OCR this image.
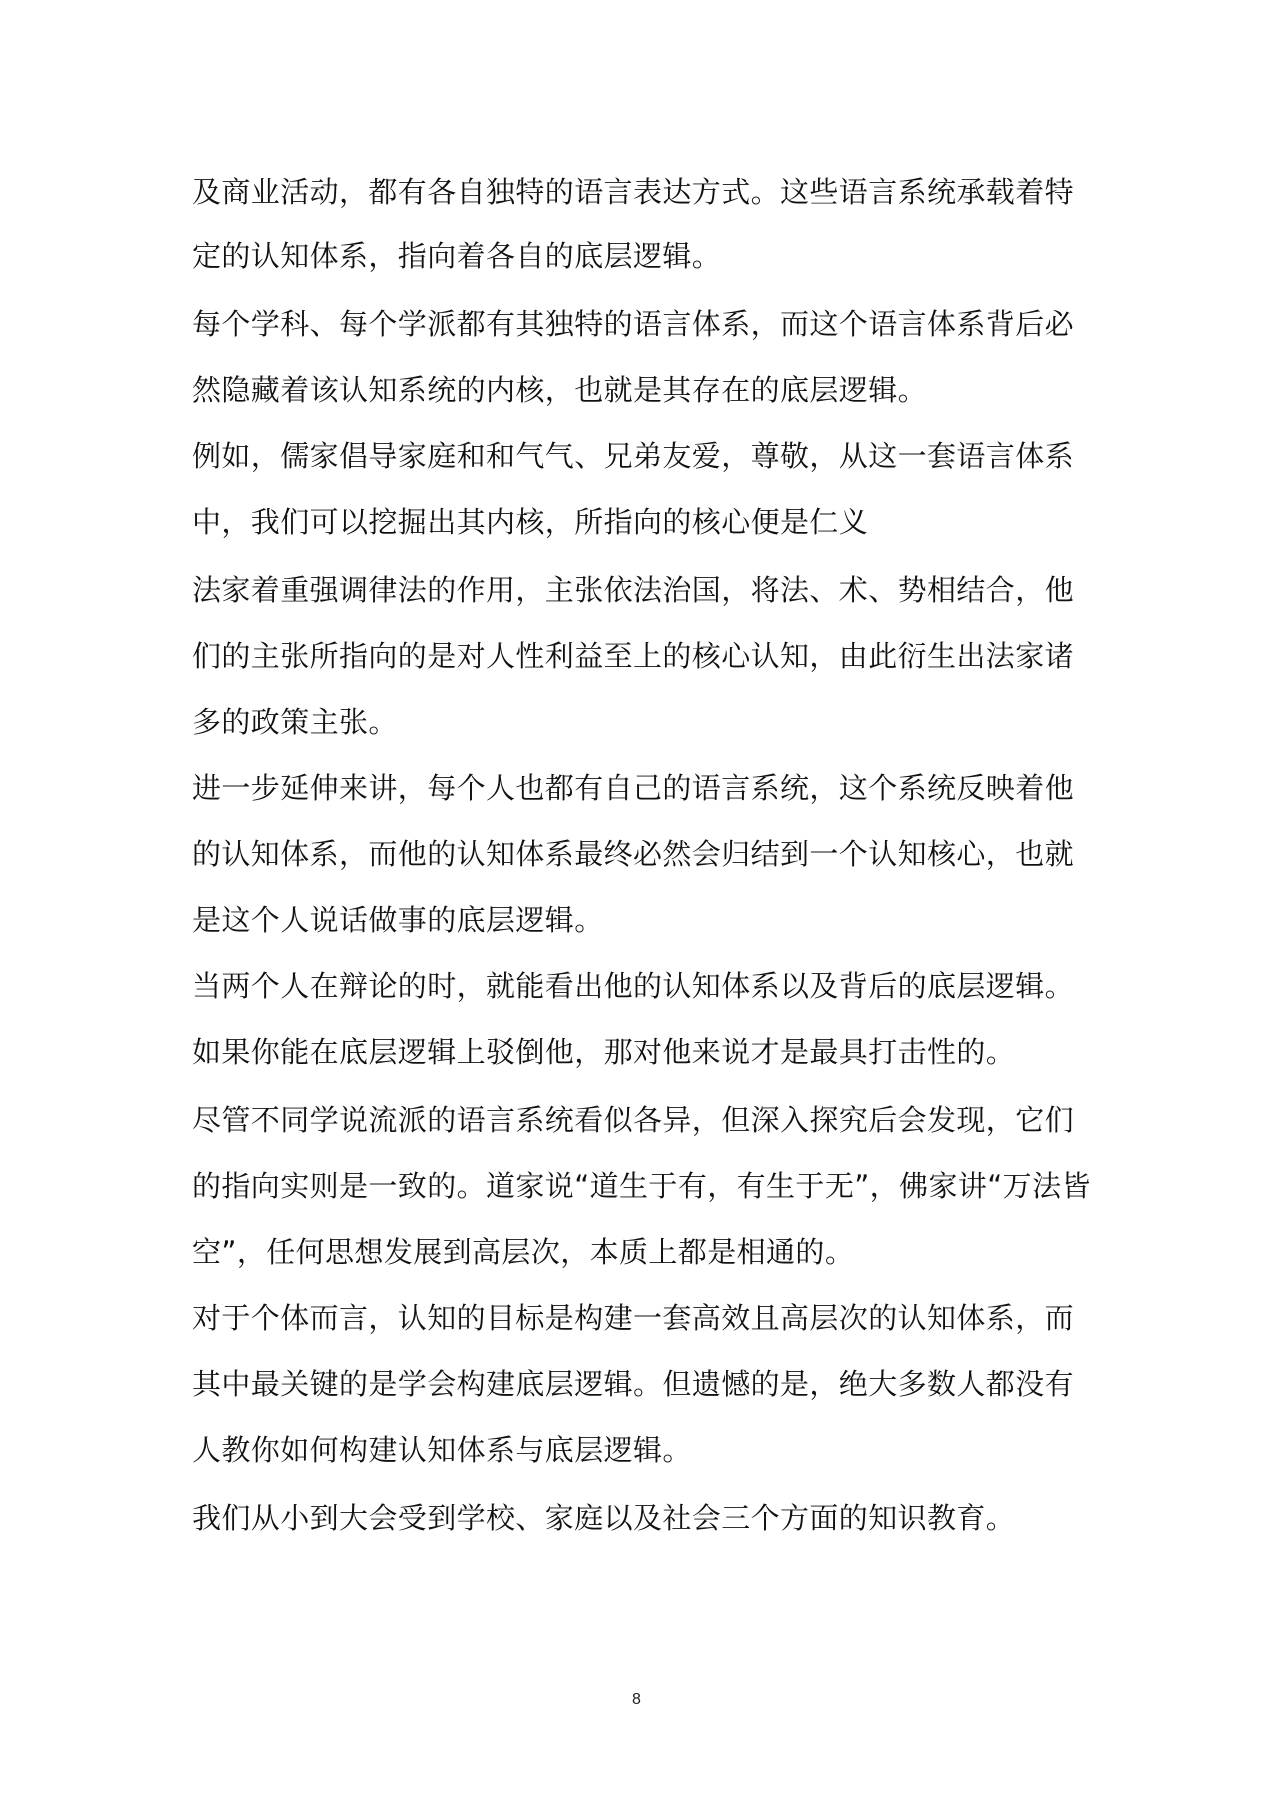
及商业活动，都有各自独特的语言表达方式。这些语言系统承载着特
定的认知体系，指向着各自的底层逻辑。
每个学科、每个学派都有其独特的语言体系，而这个语言体系背后必
然隐藏着该认知系统的内核，也就是其存在的底层逻辑。
例如，儒家倡导家庭和和气气、兄弟友爱，尊敬，从这一套语言体系
中，我们可以挖掘出其内核，所指向的核心便是仁义
法家着重强调律法的作用，主张依法治国，将法、术、势相结合，他
们的主张所指向的是对人性利益至上的核心认知，由此衍生出法家诸
多的政策主张。
进一步延伸来讲，每个人也都有自己的语言系统，这个系统反映着他
的认知体系，而他的认知体系最终必然会归结到一个认知核心，也就
是这个人说话做事的底层逻辑。
当两个人在辩论的时，就能看出他的认知体系以及背后的底层逻辑。
如果你能在底层逻辑上驳倒他，那对他来说才是最具打击性的。
尽管不同学说流派的语言系统看似各异，但深入探究后会发现，它们
的指向实则是一致的。道家说“道生于有，有生于无”，佛家讲“万法皆
空”，任何思想发展到高层次，本质上都是相通的。
对于个体而言，认知的目标是构建一套高效且高层次的认知体系，而
其中最关键的是学会构建底层逻辑。但遗憾的是，绝大多数人都没有
人教你如何构建认知体系与底层逻辑。
我们从小到大会受到学校、家庭以及社会三个方面的知识教育。
8
